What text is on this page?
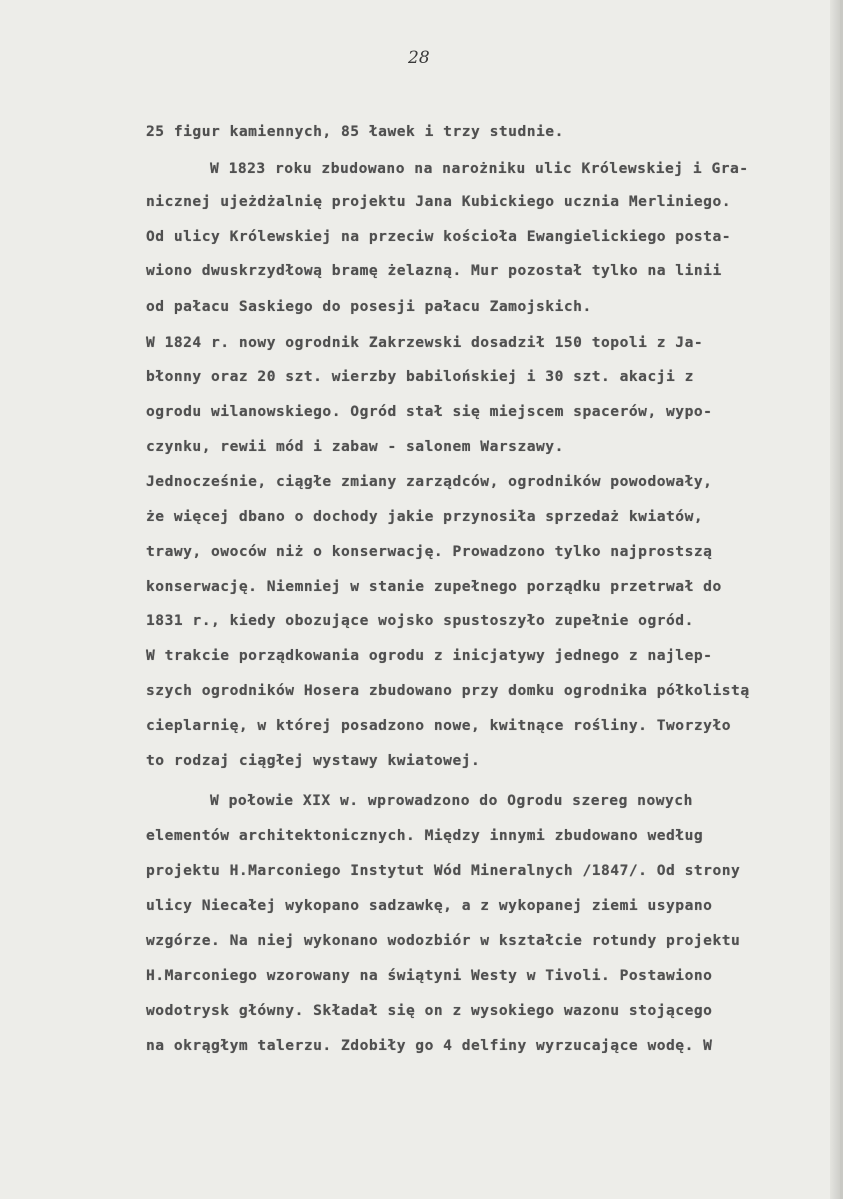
28
25 figur kamiennych, 85 ławek i trzy studnie.
W 1823 roku zbudowano na narożniku ulic Królewskiej i Gra-
nicznej ujeżdżalnię projektu Jana Kubickiego ucznia Merliniego.
Od ulicy Królewskiej na przeciw kościoła Ewangielickiego posta-
wiono dwuskrzydłową bramę żelazną. Mur pozostał tylko na linii
od pałacu Saskiego do posesji pałacu Zamojskich.
W 1824 r. nowy ogrodnik Zakrzewski dosadził 150 topoli z Ja-
błonny oraz 20 szt. wierzby babilońskiej i 30 szt. akacji z
ogrodu wilanowskiego. Ogród stał się miejscem spacerów, wypo-
czynku, rewii mód i zabaw - salonem Warszawy.
Jednocześnie, ciągłe zmiany zarządców, ogrodników powodowały,
że więcej dbano o dochody jakie przynosiła sprzedaż kwiatów,
trawy, owoców niż o konserwację. Prowadzono tylko najprostszą
konserwację. Niemniej w stanie zupełnego porządku przetrwał do
1831 r., kiedy obozujące wojsko spustoszyło zupełnie ogród.
W trakcie porządkowania ogrodu z inicjatywy jednego z najlep-
szych ogrodników Hosera zbudowano przy domku ogrodnika półkolistą
cieplarnię, w której posadzono nowe, kwitnące rośliny. Tworzyło
to rodzaj ciągłej wystawy kwiatowej.
W połowie XIX w. wprowadzono do Ogrodu szereg nowych
elementów architektonicznych. Między innymi zbudowano według
projektu H.Marconiego Instytut Wód Mineralnych /1847/. Od strony
ulicy Niecałej wykopano sadzawkę, a z wykopanej ziemi usypano
wzgórze. Na niej wykonano wodozbiór w kształcie rotundy projektu
H.Marconiego wzorowany na świątyni Westy w Tivoli. Postawiono
wodotrysk główny. Składał się on z wysokiego wazonu stojącego
na okrągłym talerzu. Zdobiły go 4 delfiny wyrzucające wodę. W
